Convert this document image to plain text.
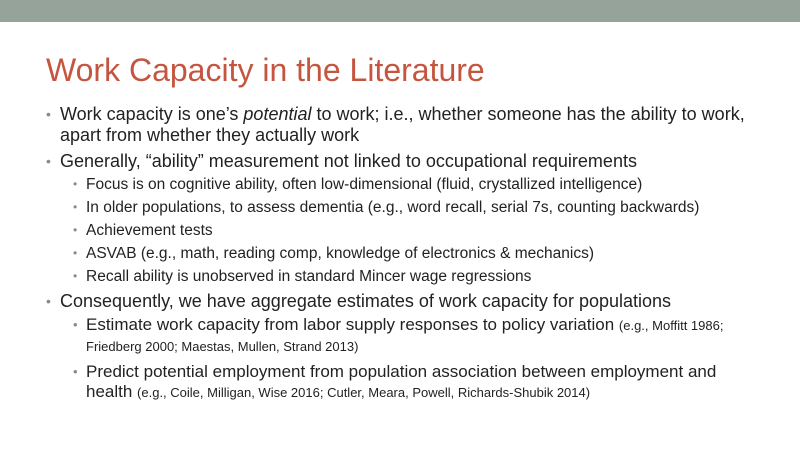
Work Capacity in the Literature
• Work capacity is one’s potential to work; i.e., whether someone has the ability to work, apart from whether they actually work
• Generally, “ability” measurement not linked to occupational requirements
• Focus is on cognitive ability, often low-dimensional (fluid, crystallized intelligence)
• In older populations, to assess dementia (e.g., word recall, serial 7s, counting backwards)
• Achievement tests
• ASVAB (e.g., math, reading comp, knowledge of electronics & mechanics)
• Recall ability is unobserved in standard Mincer wage regressions
• Consequently, we have aggregate estimates of work capacity for populations
• Estimate work capacity from labor supply responses to policy variation (e.g., Moffitt 1986; Friedberg 2000; Maestas, Mullen, Strand 2013)
• Predict potential employment from population association between employment and health (e.g., Coile, Milligan, Wise 2016; Cutler, Meara, Powell, Richards-Shubik 2014)
